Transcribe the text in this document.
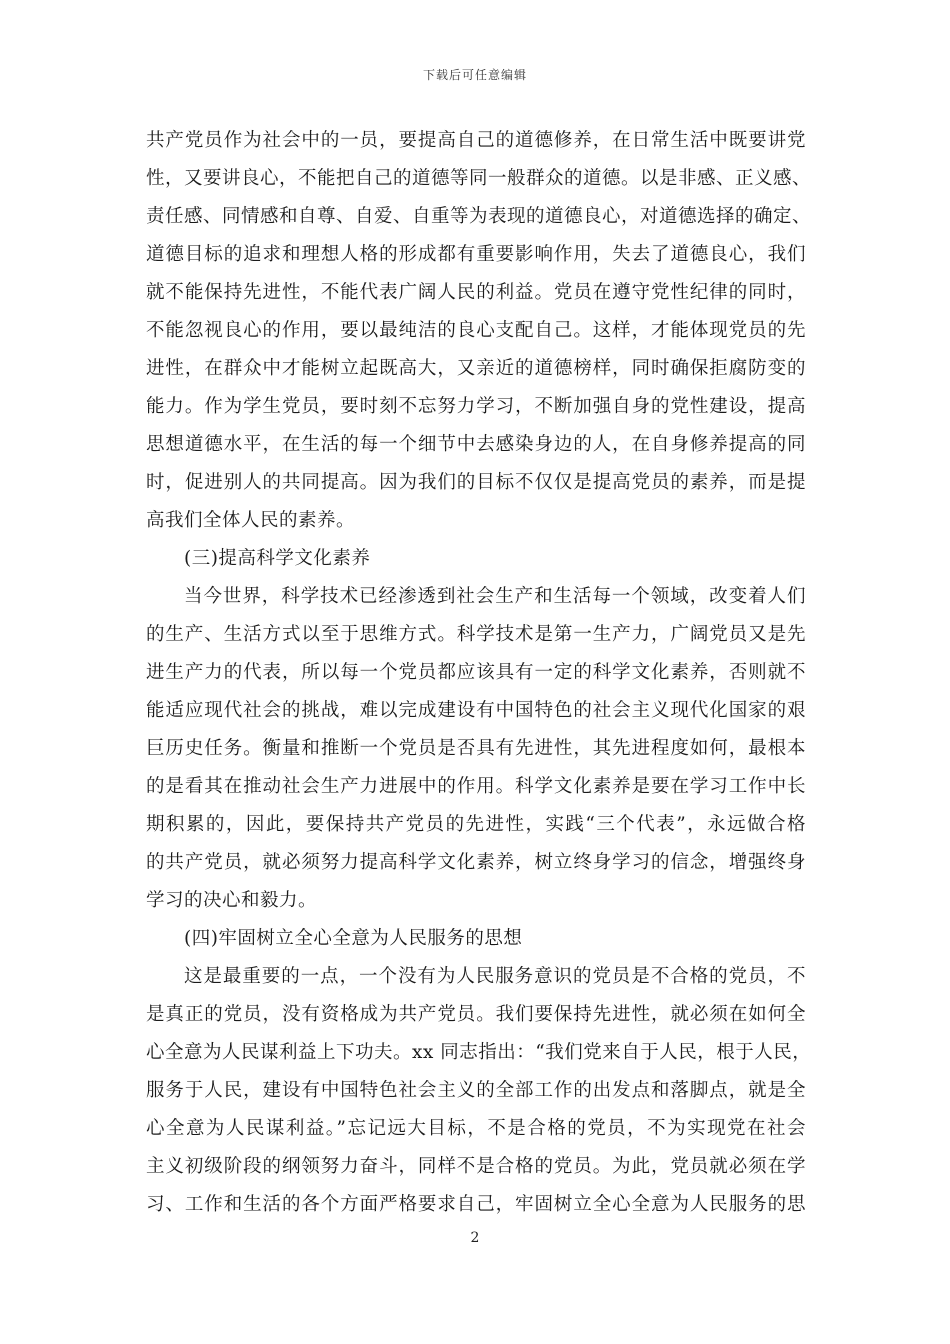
下载后可任意编辑
共产党员作为社会中的一员，要提高自己的道德修养，在日常生活中既要讲党
性，又要讲良心，不能把自己的道德等同一般群众的道德。以是非感、正义感、
责任感、同情感和自尊、自爱、自重等为表现的道德良心，对道德选择的确定、
道德目标的追求和理想人格的形成都有重要影响作用，失去了道德良心，我们
就不能保持先进性，不能代表广阔人民的利益。党员在遵守党性纪律的同时，
不能忽视良心的作用，要以最纯洁的良心支配自己。这样，才能体现党员的先
进性，在群众中才能树立起既高大，又亲近的道德榜样，同时确保拒腐防变的
能力。作为学生党员，要时刻不忘努力学习，不断加强自身的党性建设，提高
思想道德水平，在生活的每一个细节中去感染身边的人，在自身修养提高的同
时，促进别人的共同提高。因为我们的目标不仅仅是提高党员的素养，而是提
高我们全体人民的素养。
(三)提高科学文化素养
当今世界，科学技术已经渗透到社会生产和生活每一个领域，改变着人们
的生产、生活方式以至于思维方式。科学技术是第一生产力，广阔党员又是先
进生产力的代表，所以每一个党员都应该具有一定的科学文化素养，否则就不
能适应现代社会的挑战，难以完成建设有中国特色的社会主义现代化国家的艰
巨历史任务。衡量和推断一个党员是否具有先进性，其先进程度如何，最根本
的是看其在推动社会生产力进展中的作用。科学文化素养是要在学习工作中长
期积累的，因此，要保持共产党员的先进性，实践“三个代表”，永远做合格
的共产党员，就必须努力提高科学文化素养，树立终身学习的信念，增强终身
学习的决心和毅力。
(四)牢固树立全心全意为人民服务的思想
这是最重要的一点，一个没有为人民服务意识的党员是不合格的党员，不
是真正的党员，没有资格成为共产党员。我们要保持先进性，就必须在如何全
心全意为人民谋利益上下功夫。xx 同志指出：“我们党来自于人民，根于人民，
服务于人民，建设有中国特色社会主义的全部工作的出发点和落脚点，就是全
心全意为人民谋利益。”忘记远大目标，不是合格的党员，不为实现党在社会
主义初级阶段的纲领努力奋斗，同样不是合格的党员。为此，党员就必须在学
习、工作和生活的各个方面严格要求自己，牢固树立全心全意为人民服务的思
2
